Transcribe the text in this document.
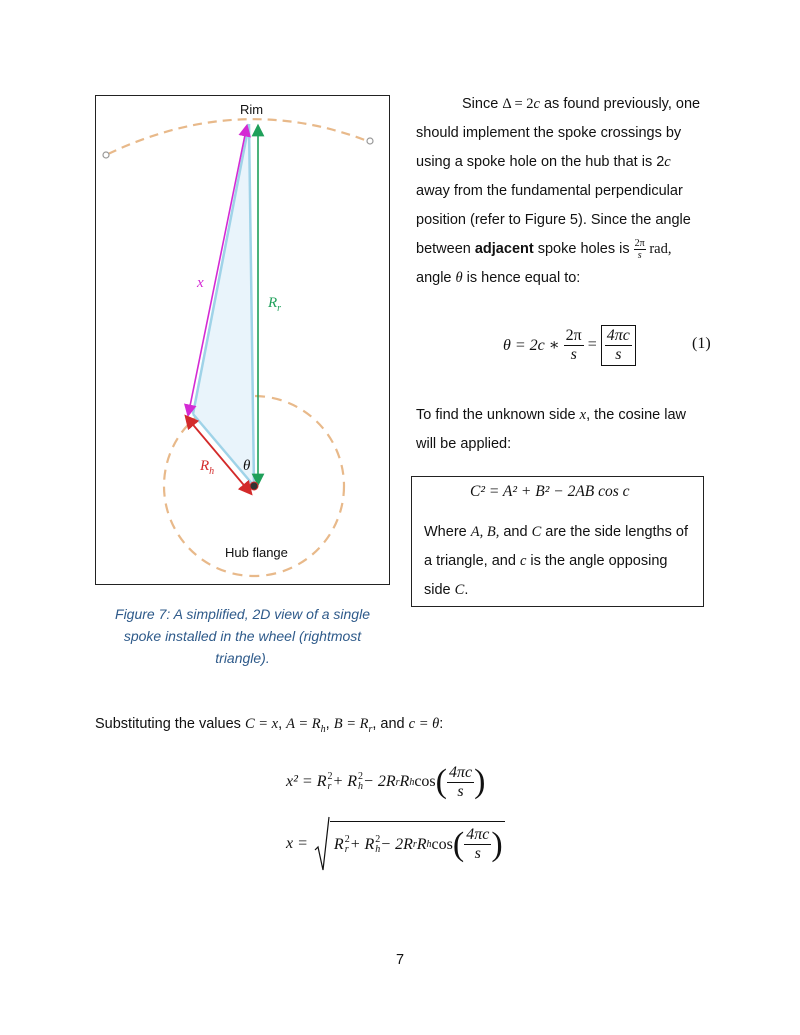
Rim
x
$R_r$
$R_h$ θ
Hub flange
Figure 7: A simplified, 2D view of a single
spoke installed in the wheel (rightmost
triangle).
Since Δ = 2c as found previously, one
should implement the spoke crossings by
using a spoke hole on the hub that is 2c
away from the fundamental perpendicular
position (refer to Figure 5). Since the angle
between adjacent spoke holes is $\frac{2\pi}{s}$ rad,
angle θ is hence equal to:
θ = 2c ∗ $\frac{2\pi}{s} = \frac{4\pi c}{s}$	(1)
To find the unknown side x, the cosine law
will be applied:
C² = A² + B² − 2AB cos c
Where A, B, and C are the side lengths of
a triangle, and c is the angle opposing
side C.
Substituting the values C = x, $A = R_h$, $B = R_r$, and c = θ:
x² = R 2
r + R 2
h − 2R r R h cos ( $\frac{4\pi c}{s}$ )
x = R 2
r + R 2
h − 2R r R h cos ( $\frac{4\pi c}{s}$ )
7
